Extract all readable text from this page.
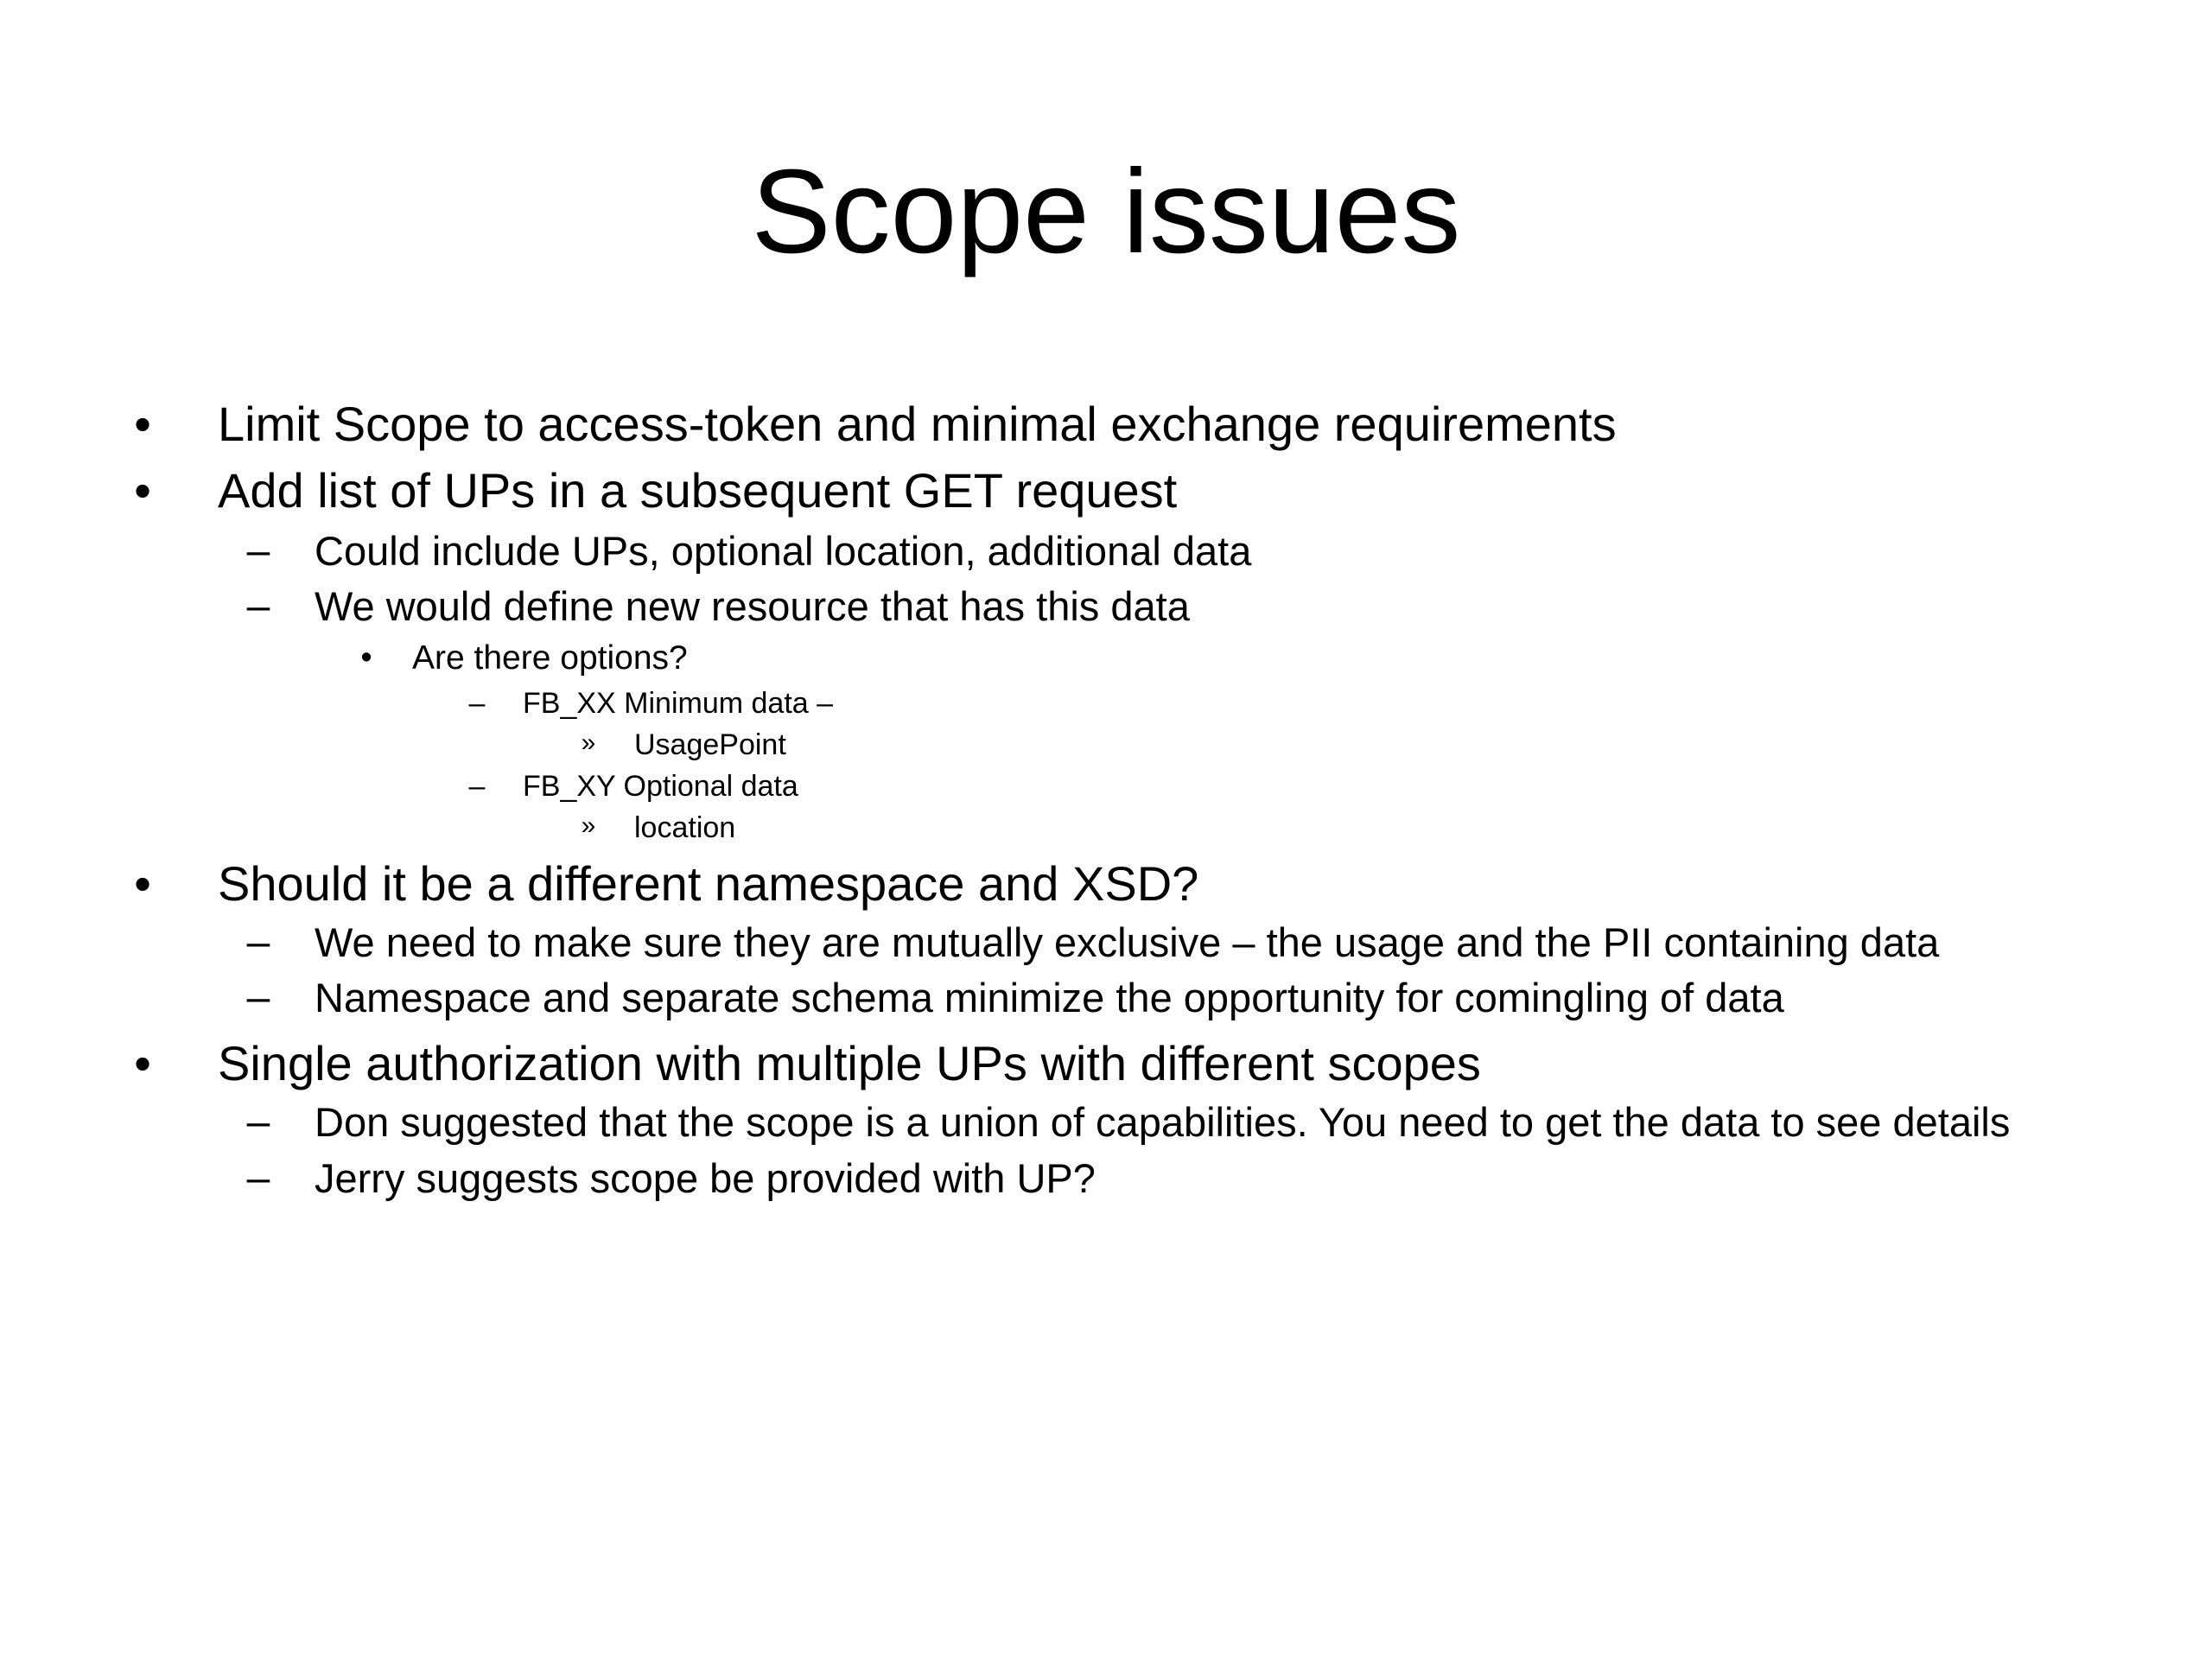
Scope issues
• Limit Scope to access-token and minimal exchange requirements
• Add list of UPs in a subsequent GET request
– Could include UPs, optional location, additional data
– We would define new resource that has this data
• Are there options?
– FB_XX Minimum data –
» UsagePoint
– FB_XY Optional data
» location
• Should it be a different namespace and XSD?
– We need to make sure they are mutually exclusive – the usage and the PII containing data
– Namespace and separate schema minimize the opportunity for comingling of data
• Single authorization with multiple UPs with different scopes
– Don suggested that the scope is a union of capabilities. You need to get the data to see details
– Jerry suggests scope be provided with UP?
